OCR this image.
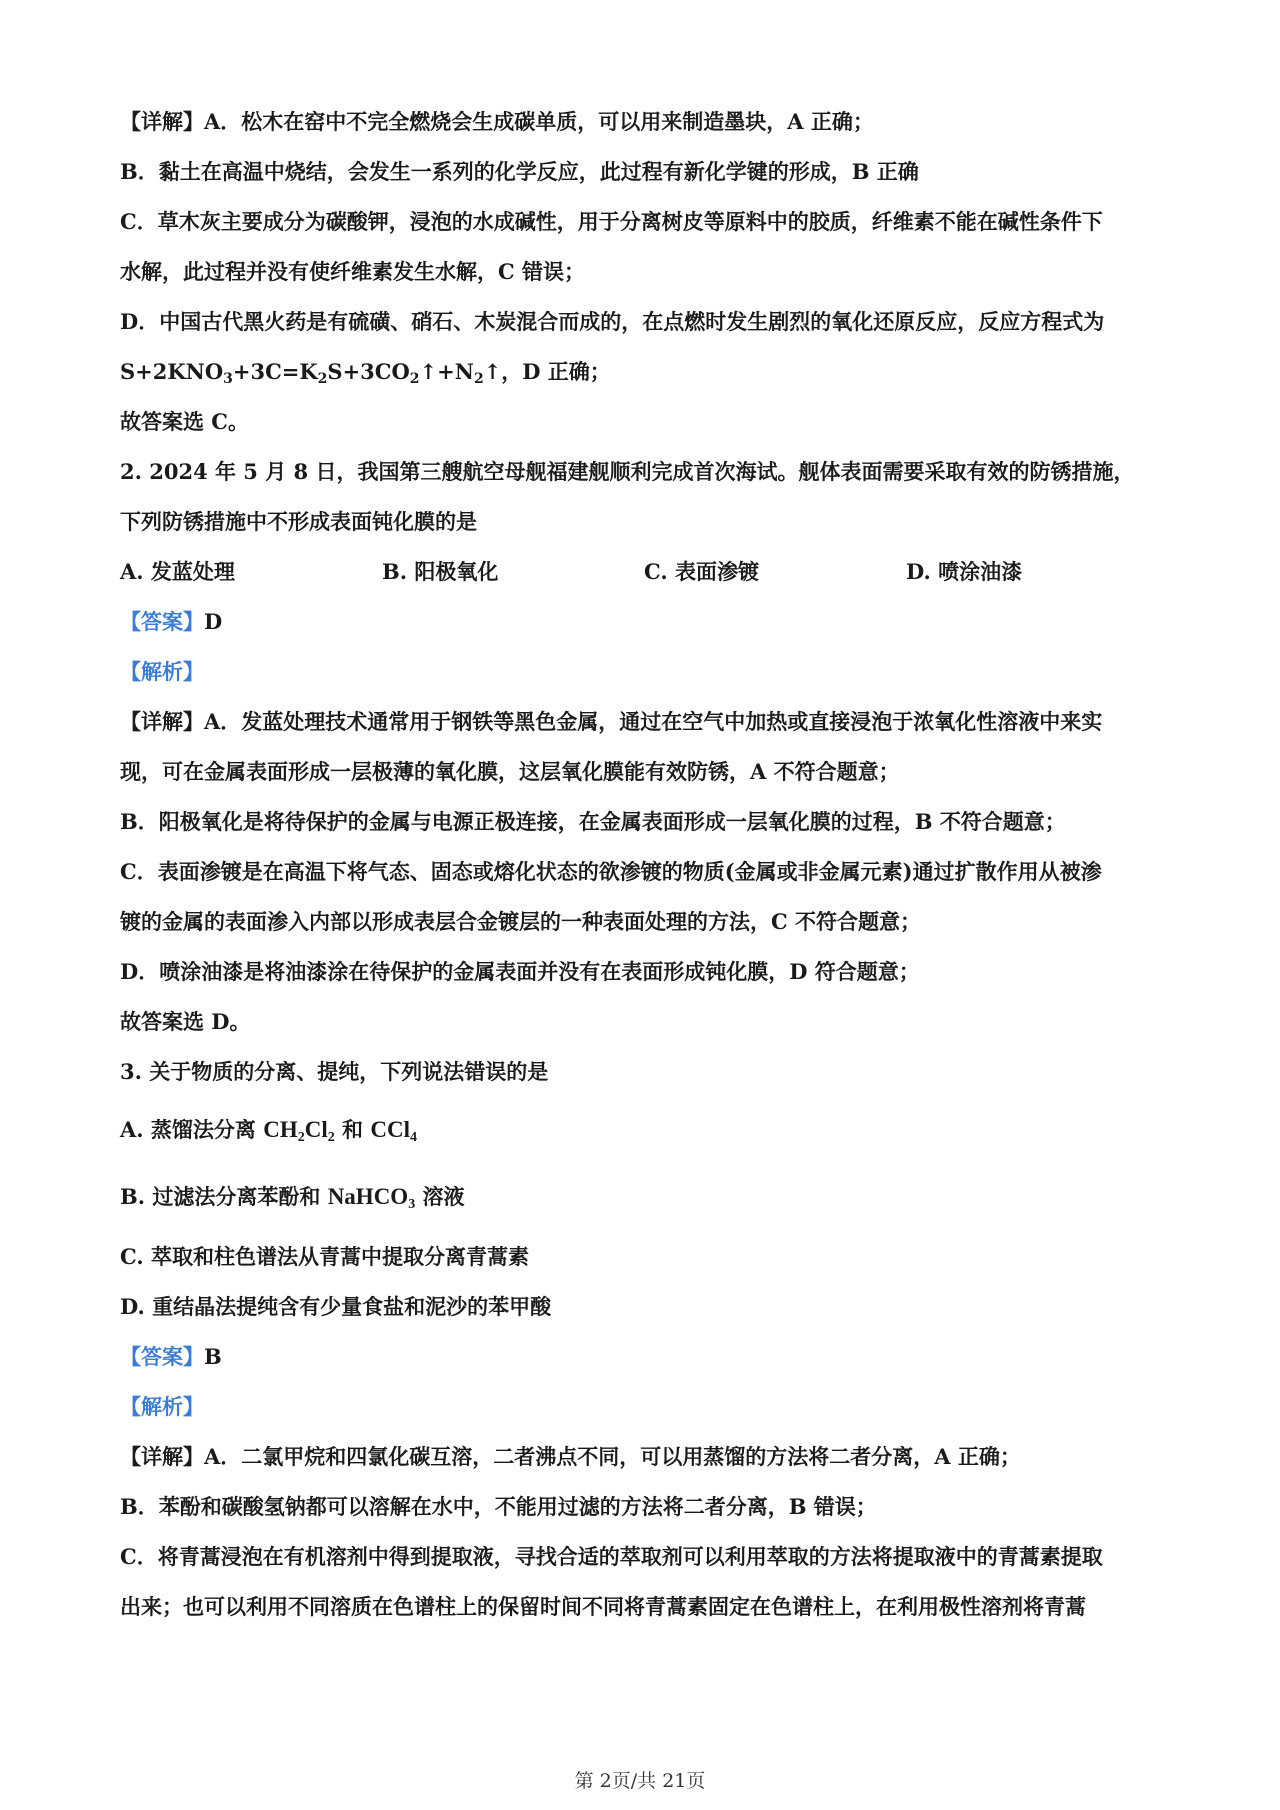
【详解】A．松木在窑中不完全燃烧会生成碳单质，可以用来制造墨块，A 正确；
B．黏土在高温中烧结，会发生一系列的化学反应，此过程有新化学键的形成，B 正确
C．草木灰主要成分为碳酸钾，浸泡的水成碱性，用于分离树皮等原料中的胶质，纤维素不能在碱性条件下
水解，此过程并没有使纤维素发生水解，C 错误；
D．中国古代黑火药是有硫磺、硝石、木炭混合而成的，在点燃时发生剧烈的氧化还原反应，反应方程式为
$S+2KNO_3+3C=K_2S+3CO_2↑+N_2↑$，D 正确；
故答案选 C。
2. 2024 年 5 月 8 日，我国第三艘航空母舰福建舰顺利完成首次海试。舰体表面需要采取有效的防锈措施，
下列防锈措施中不形成表面钝化膜的是
A. 发蓝处理	B. 阳极氧化	C. 表面渗镀	D. 喷涂油漆
【答案】D
【解析】
【详解】A．发蓝处理技术通常用于钢铁等黑色金属，通过在空气中加热或直接浸泡于浓氧化性溶液中来实
现，可在金属表面形成一层极薄的氧化膜，这层氧化膜能有效防锈，A 不符合题意；
B．阳极氧化是将待保护的金属与电源正极连接，在金属表面形成一层氧化膜的过程，B 不符合题意；
C．表面渗镀是在高温下将气态、固态或熔化状态的欲渗镀的物质(金属或非金属元素)通过扩散作用从被渗
镀的金属的表面渗入内部以形成表层合金镀层的一种表面处理的方法，C 不符合题意；
D．喷涂油漆是将油漆涂在待保护的金属表面并没有在表面形成钝化膜，D 符合题意；
故答案选 D。
3. 关于物质的分离、提纯，下列说法错误的是
A. 蒸馏法分离 $CH_2Cl_2$ 和 CCl$_4$
B. 过滤法分离苯酚和 NaHCO$_3$ 溶液
C. 萃取和柱色谱法从青蒿中提取分离青蒿素
D. 重结晶法提纯含有少量食盐和泥沙的苯甲酸
【答案】B
【解析】
【详解】A．二氯甲烷和四氯化碳互溶，二者沸点不同，可以用蒸馏的方法将二者分离，A 正确；
B．苯酚和碳酸氢钠都可以溶解在水中，不能用过滤的方法将二者分离，B 错误；
C．将青蒿浸泡在有机溶剂中得到提取液，寻找合适的萃取剂可以利用萃取的方法将提取液中的青蒿素提取
出来；也可以利用不同溶质在色谱柱上的保留时间不同将青蒿素固定在色谱柱上，在利用极性溶剂将青蒿
第 2页/共 21页
